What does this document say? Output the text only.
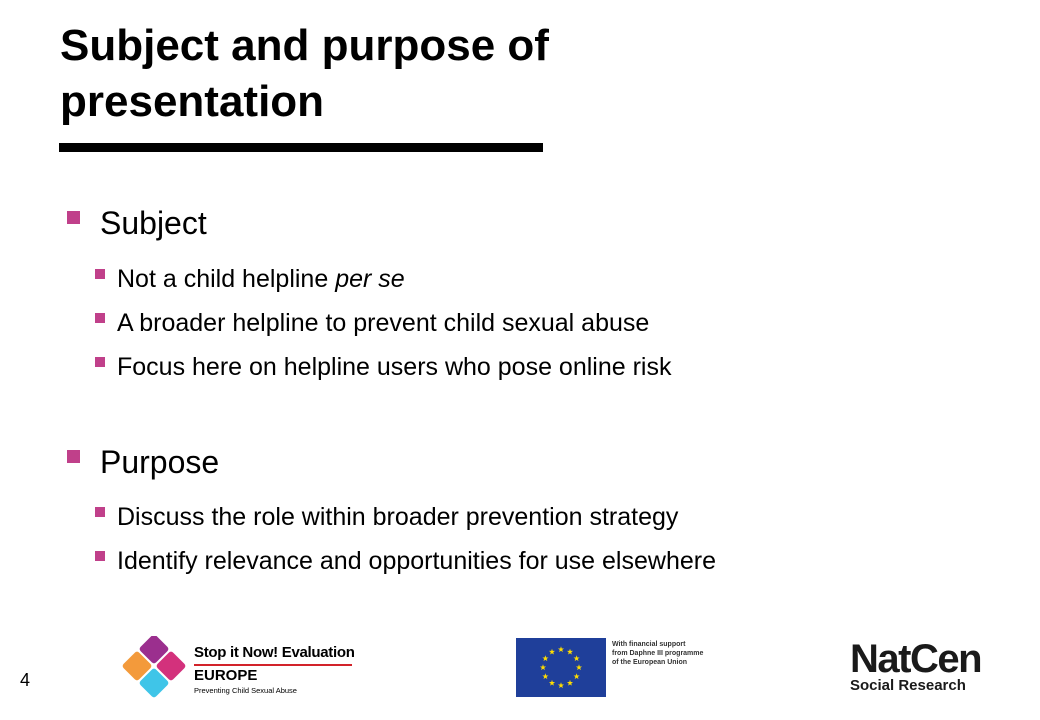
Subject and purpose of presentation
Subject
Not a child helpline per se
A broader helpline to prevent child sexual abuse
Focus here on helpline users who pose online risk
Purpose
Discuss the role within broader prevention strategy
Identify relevance and opportunities for use elsewhere
4
Stop it Now! Evaluation
EUROPE
Preventing Child Sexual Abuse
With financial support
from Daphne III programme
of the European Union	NatCen
Social Research
